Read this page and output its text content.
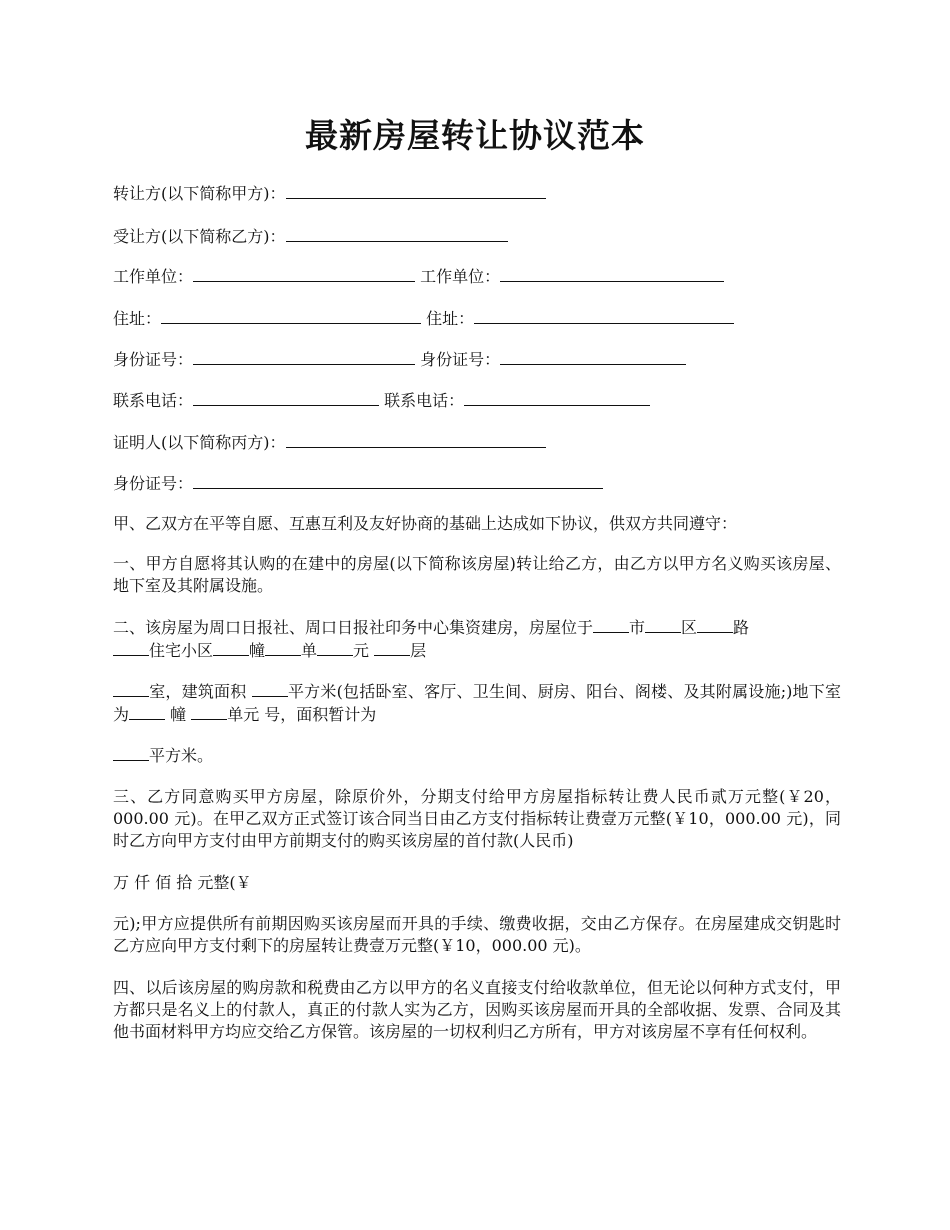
最新房屋转让协议范本
转让方(以下简称甲方)：
受让方(以下简称乙方)：
工作单位：	工作单位：
住址：	住址：
身份证号：	身份证号：
联系电话：	联系电话：
证明人(以下简称丙方)：
身份证号：
甲、乙双方在平等自愿、互惠互利及友好协商的基础上达成如下协议，供双方共同遵守：
一、甲方自愿将其认购的在建中的房屋(以下简称该房屋)转让给乙方，由乙方以甲方名义购买该房屋、地下室及其附属设施。
二、该房屋为周口日报社、周口日报社印务中心集资建房，房屋位于 市 区 路
住宅小区 幢 单 元	层
室，建筑面积	平方米(包括卧室、客厅、卫生间、厨房、阳台、阁楼、及其附属设施;)地下室为	幢	单元 号，面积暂计为
平方米。
三、乙方同意购买甲方房屋，除原价外，分期支付给甲方房屋指标转让费人民币贰万元整(￥20，000.00 元)。在甲乙双方正式签订该合同当日由乙方支付指标转让费壹万元整(￥10，000.00 元)，同时乙方向甲方支付由甲方前期支付的购买该房屋的首付款(人民币)
万 仟 佰 拾 元整(￥
元);甲方应提供所有前期因购买该房屋而开具的手续、缴费收据，交由乙方保存。在房屋建成交钥匙时乙方应向甲方支付剩下的房屋转让费壹万元整(￥10，000.00 元)。
四、以后该房屋的购房款和税费由乙方以甲方的名义直接支付给收款单位，但无论以何种方式支付，甲方都只是名义上的付款人，真正的付款人实为乙方，因购买该房屋而开具的全部收据、发票、合同及其他书面材料甲方均应交给乙方保管。该房屋的一切权利归乙方所有，甲方对该房屋不享有任何权利。
